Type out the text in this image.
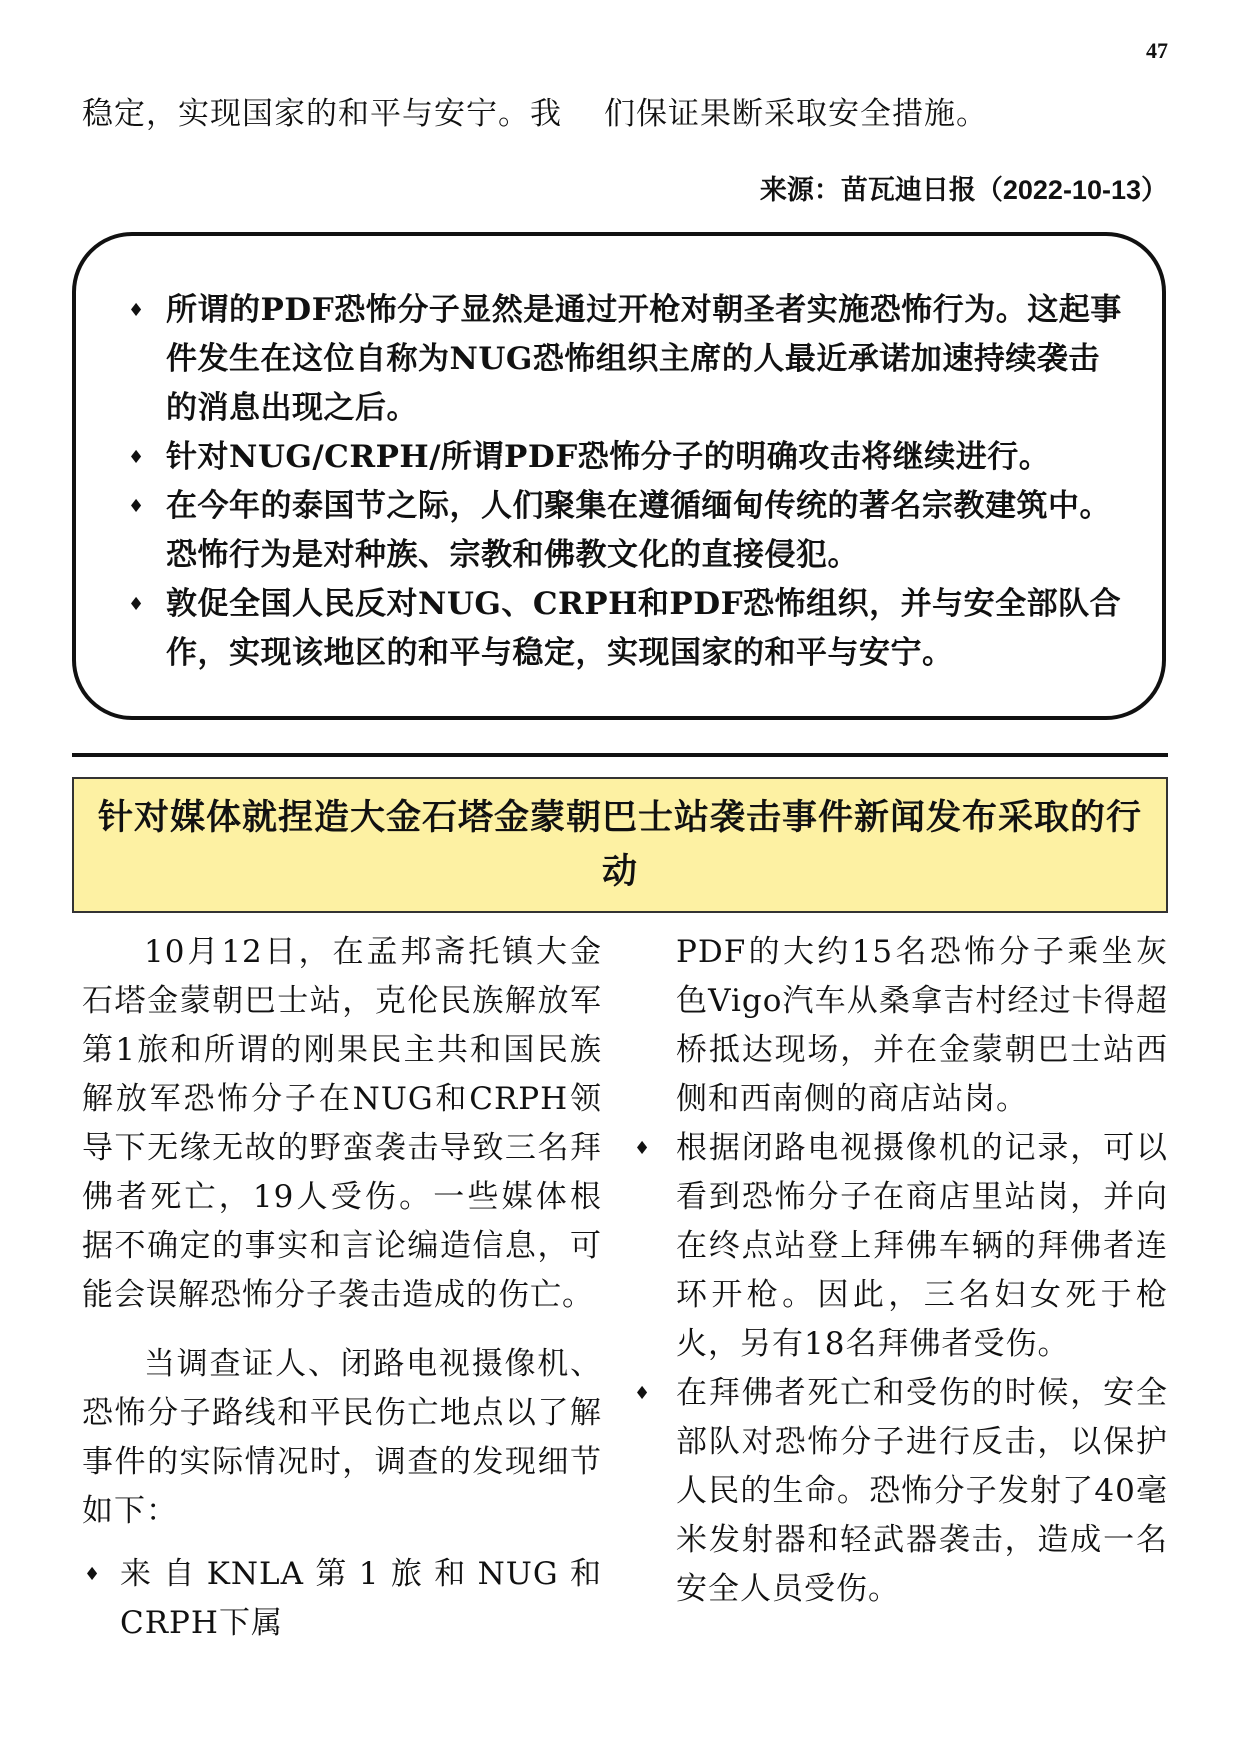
47
稳定，实现国家的和平与安宁。我 们保证果断采取安全措施。
来源：苗瓦迪日报（2022-10-13）
♦ 所谓的PDF恐怖分子显然是通过开枪对朝圣者实施恐怖行为。这起事件发生在这位自称为NUG恐怖组织主席的人最近承诺加速持续袭击的消息出现之后。
♦ 针对NUG/CRPH/所谓PDF恐怖分子的明确攻击将继续进行。
♦ 在今年的泰国节之际，人们聚集在遵循缅甸传统的著名宗教建筑中。恐怖行为是对种族、宗教和佛教文化的直接侵犯。
♦ 敦促全国人民反对NUG、CRPH和PDF恐怖组织，并与安全部队合作，实现该地区的和平与稳定，实现国家的和平与安宁。
针对媒体就捏造大金石塔金蒙朝巴士站袭击事件新闻发布采取的行动

10月12日，在孟邦斋托镇大金石塔金蒙朝巴士站，克伦民族解放军第1旅和所谓的刚果民主共和国民族解放军恐怖分子在NUG和CRPH领导下无缘无故的野蛮袭击导致三名拜佛者死亡，19人受伤。一些媒体根据不确定的事实和言论编造信息，可能会误解恐怖分子袭击造成的伤亡。

当调查证人、闭路电视摄像机、恐怖分子路线和平民伤亡地点以了解事件的实际情况时，调查的发现细节如下：

♦ 来自KNLA第1旅和NUG和CRPH下属

PDF的大约15名恐怖分子乘坐灰色Vigo汽车从桑拿吉村经过卡得超桥抵达现场，并在金蒙朝巴士站西侧和西南侧的商店站岗。

♦ 根据闭路电视摄像机的记录，可以看到恐怖分子在商店里站岗，并向在终点站登上拜佛车辆的拜佛者连环开枪。因此，三名妇女死于枪火，另有18名拜佛者受伤。
♦ 在拜佛者死亡和受伤的时候，安全部队对恐怖分子进行反击，以保护人民的生命。恐怖分子发射了40毫米发射器和轻武器袭击，造成一名安全人员受伤。
